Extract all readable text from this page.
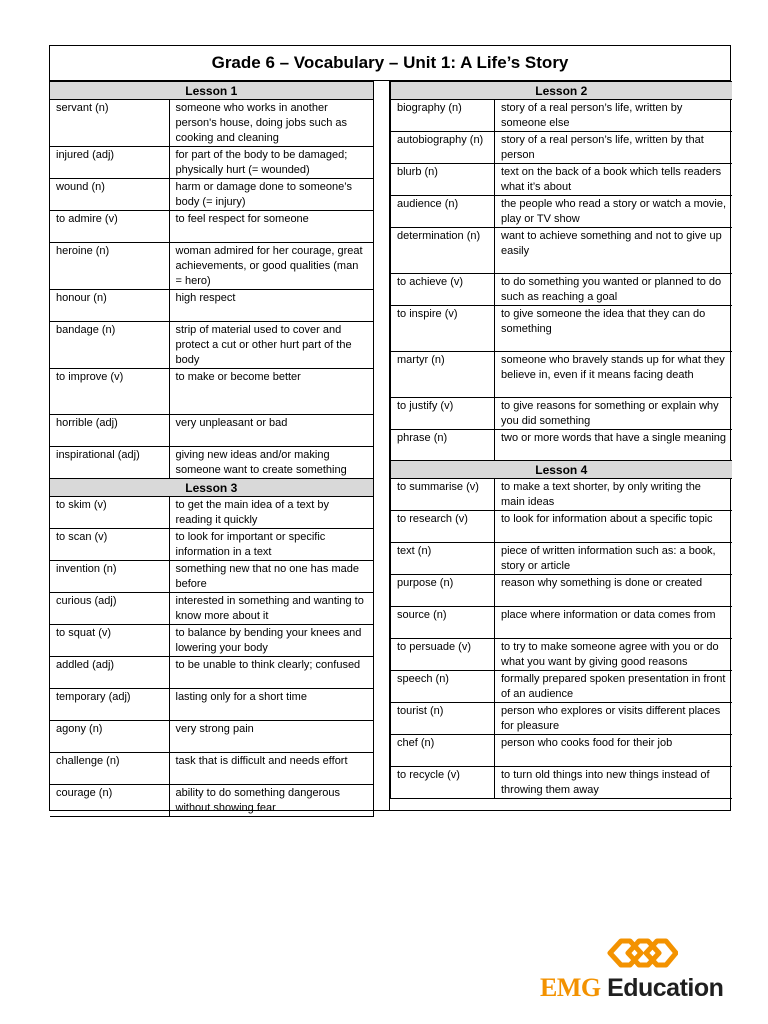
Grade 6 – Vocabulary – Unit 1: A Life’s Story
Lesson 1	
servant (n)	someone who works in another person's house, doing jobs such as cooking and cleaning
injured (adj)	for part of the body to be damaged; physically hurt (= wounded)
wound (n)	harm or damage done to someone’s body (= injury)
to admire (v)	to feel respect for someone
heroine (n)	woman admired for her courage, great achievements, or good qualities (man = hero)
honour (n)	high respect
bandage (n)	strip of material used to cover and protect a cut or other hurt part of the body
to improve (v)	to make or become better
horrible (adj)	very unpleasant or bad
inspirational (adj)	giving new ideas and/or making someone want to create something
Lesson 3	
to skim (v)	to get the main idea of a text by reading it quickly
to scan (v)	to look for important or specific information in a text
invention (n)	something new that no one has made before
curious (adj)	interested in something and wanting to know more about it
to squat (v)	to balance by bending your knees and lowering your body
addled (adj)	to be unable to think clearly; confused
temporary (adj)	lasting only for a short time
agony (n)	very strong pain
challenge (n)	task that is difficult and needs effort
courage (n)	ability to do something dangerous without showing fear
Lesson 2	
biography (n)	story of a real person’s life, written by someone else
autobiography (n)	story of a real person’s life, written by that person
blurb (n)	text on the back of a book which tells readers what it’s about
audience (n)	the people who read a story or watch a movie, play or TV show
determination (n)	want to achieve something and not to give up easily
to achieve (v)	to do something you wanted or planned to do such as reaching a goal
to inspire (v)	to give someone the idea that they can do something
martyr (n)	someone who bravely stands up for what they believe in, even if it means facing death
to justify (v)	to give reasons for something or explain why you did something
phrase (n)	two or more words that have a single meaning
Lesson 4	
to summarise (v)	to make a text shorter, by only writing the main ideas
to research (v)	to look for information about a specific topic
text (n)	piece of written information such as: a book, story or article
purpose (n)	reason why something is done or created
source (n)	place where information or data comes from
to persuade (v)	to try to make someone agree with you or do what you want by giving good reasons
speech (n)	formally prepared spoken presentation in front of an audience
tourist (n)	person who explores or visits different places for pleasure
chef (n)	person who cooks food for their job
to recycle (v)	to turn old things into new things instead of throwing them away
EMG Education
